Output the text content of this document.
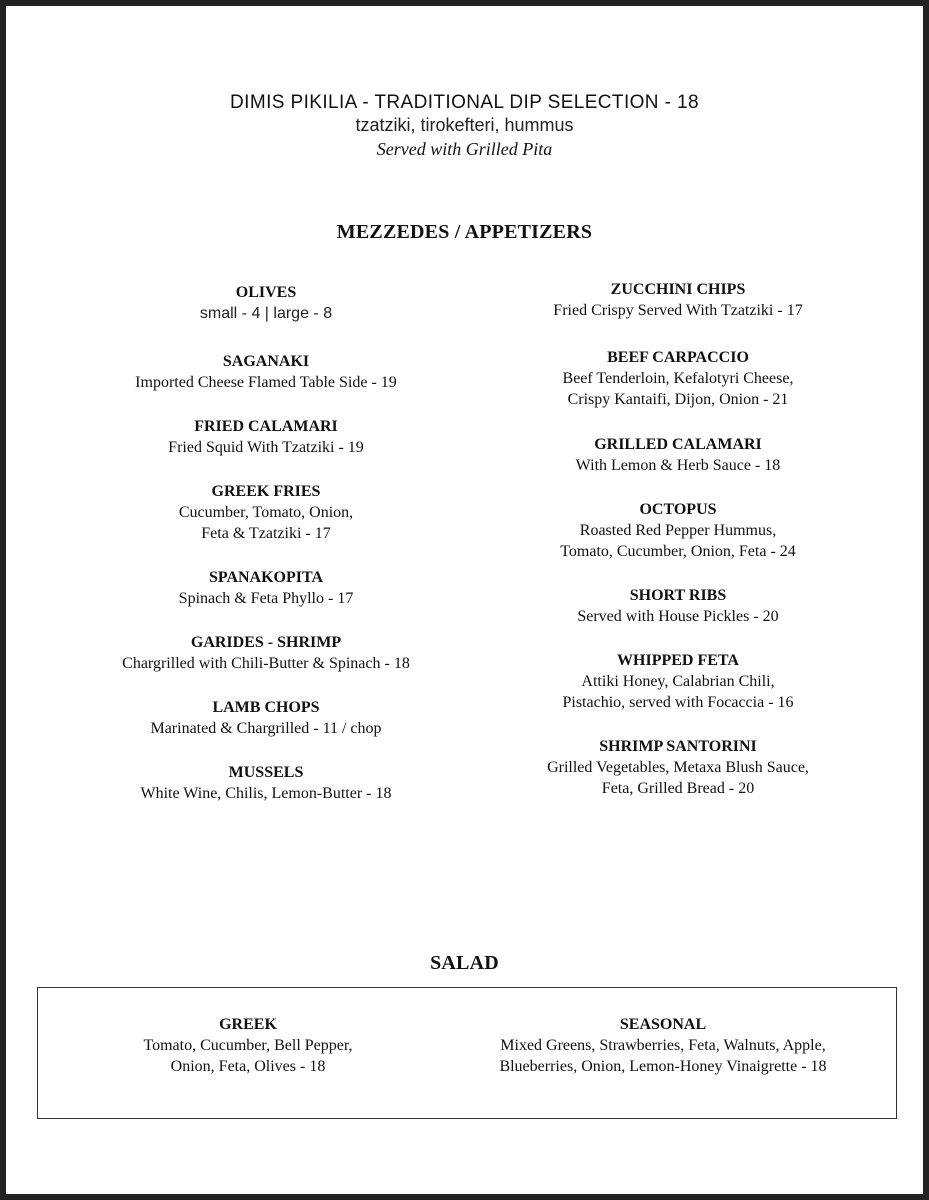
DIMIS PIKILIA - TRADITIONAL DIP SELECTION - 18
tzatziki, tirokefteri, hummus
Served with Grilled Pita
MEZZEDES / APPETIZERS
OLIVES
small - 4 | large - 8
SAGANAKI
Imported Cheese Flamed Table Side - 19
FRIED CALAMARI
Fried Squid With Tzatziki - 19
GREEK FRIES
Cucumber, Tomato, Onion,
Feta & Tzatziki - 17
SPANAKOPITA
Spinach & Feta Phyllo - 17
GARIDES - SHRIMP
Chargrilled with Chili-Butter & Spinach - 18
LAMB CHOPS
Marinated & Chargrilled - 11 / chop
MUSSELS
White Wine, Chilis, Lemon-Butter - 18
ZUCCHINI CHIPS
Fried Crispy Served With Tzatziki - 17
BEEF CARPACCIO
Beef Tenderloin, Kefalotyri Cheese,
Crispy Kantaifi, Dijon, Onion - 21
GRILLED CALAMARI
With Lemon & Herb Sauce - 18
OCTOPUS
Roasted Red Pepper Hummus,
Tomato, Cucumber, Onion, Feta - 24
SHORT RIBS
Served with House Pickles - 20
WHIPPED FETA
Attiki Honey, Calabrian Chili,
Pistachio, served with Focaccia - 16
SHRIMP SANTORINI
Grilled Vegetables, Metaxa Blush Sauce,
Feta, Grilled Bread - 20
SALAD
GREEK
Tomato, Cucumber, Bell Pepper,
Onion, Feta, Olives - 18
SEASONAL
Mixed Greens, Strawberries, Feta, Walnuts, Apple,
Blueberries, Onion, Lemon-Honey Vinaigrette - 18
